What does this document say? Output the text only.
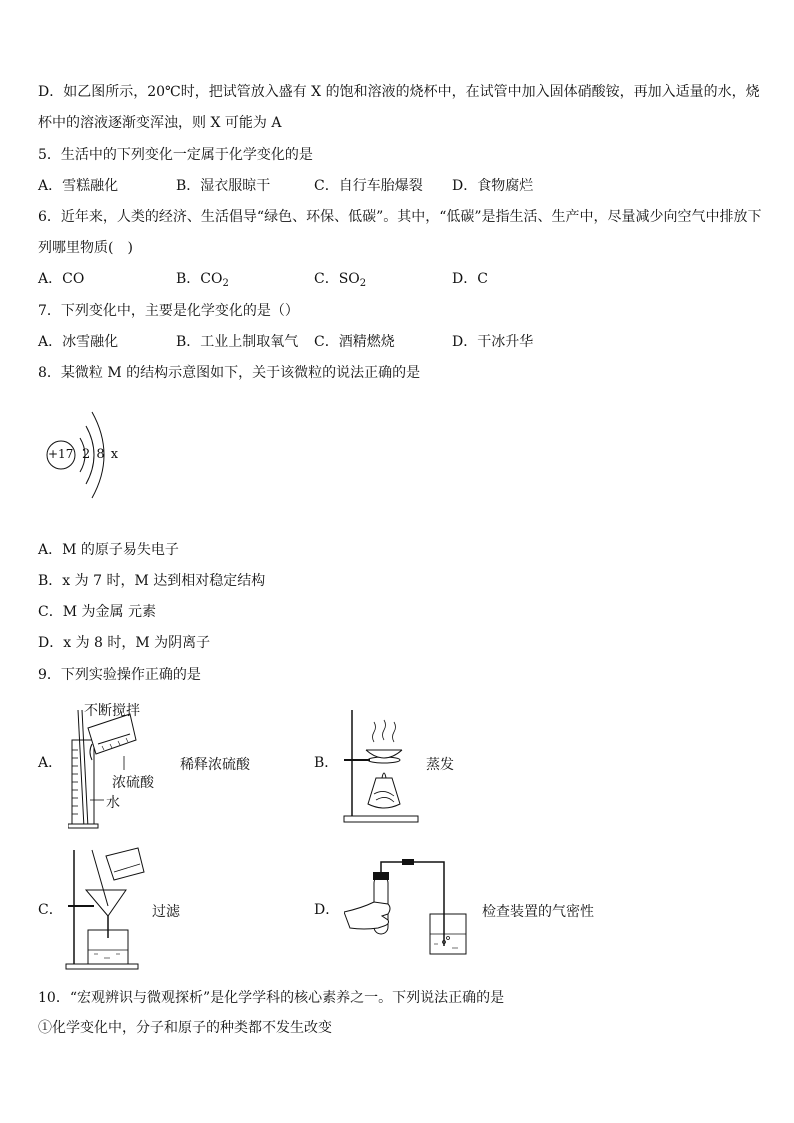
D．如乙图所示，20℃时，把试管放入盛有 X 的饱和溶液的烧杯中，在试管中加入固体硝酸铵，再加入适量的水，烧
杯中的溶液逐渐变浑浊，则 X 可能为 A
5．生活中的下列变化一定属于化学变化的是
A．雪糕融化	B．湿衣服晾干	C．自行车胎爆裂 D．食物腐烂
6．近年来，人类的经济、生活倡导“绿色、环保、低碳”。其中，“低碳”是指生活、生产中，尽量减少向空气中排放下
列哪里物质(　)
A．CO	B．$CO_2$	C．$SO_2$	D．C
7．下列变化中，主要是化学变化的是（）
A．冰雪融化	B．工业上制取氧气 C．酒精燃烧	D．干冰升华
8．某微粒 M 的结构示意图如下，关于该微粒的说法正确的是
+17 2 8 x
A．M 的原子易失电子
B．x 为 7 时，M 达到相对稳定结构
C．M 为金属 元素
D．x 为 8 时，M 为阴离子
9．下列实验操作正确的是
A．
不断搅拌
浓硫酸
水
稀释浓硫酸	B．	蒸发
C．	过滤	D．	检查装置的气密性
10．“宏观辨识与微观探析”是化学学科的核心素养之一。下列说法正确的是
①化学变化中，分子和原子的种类都不发生改变
